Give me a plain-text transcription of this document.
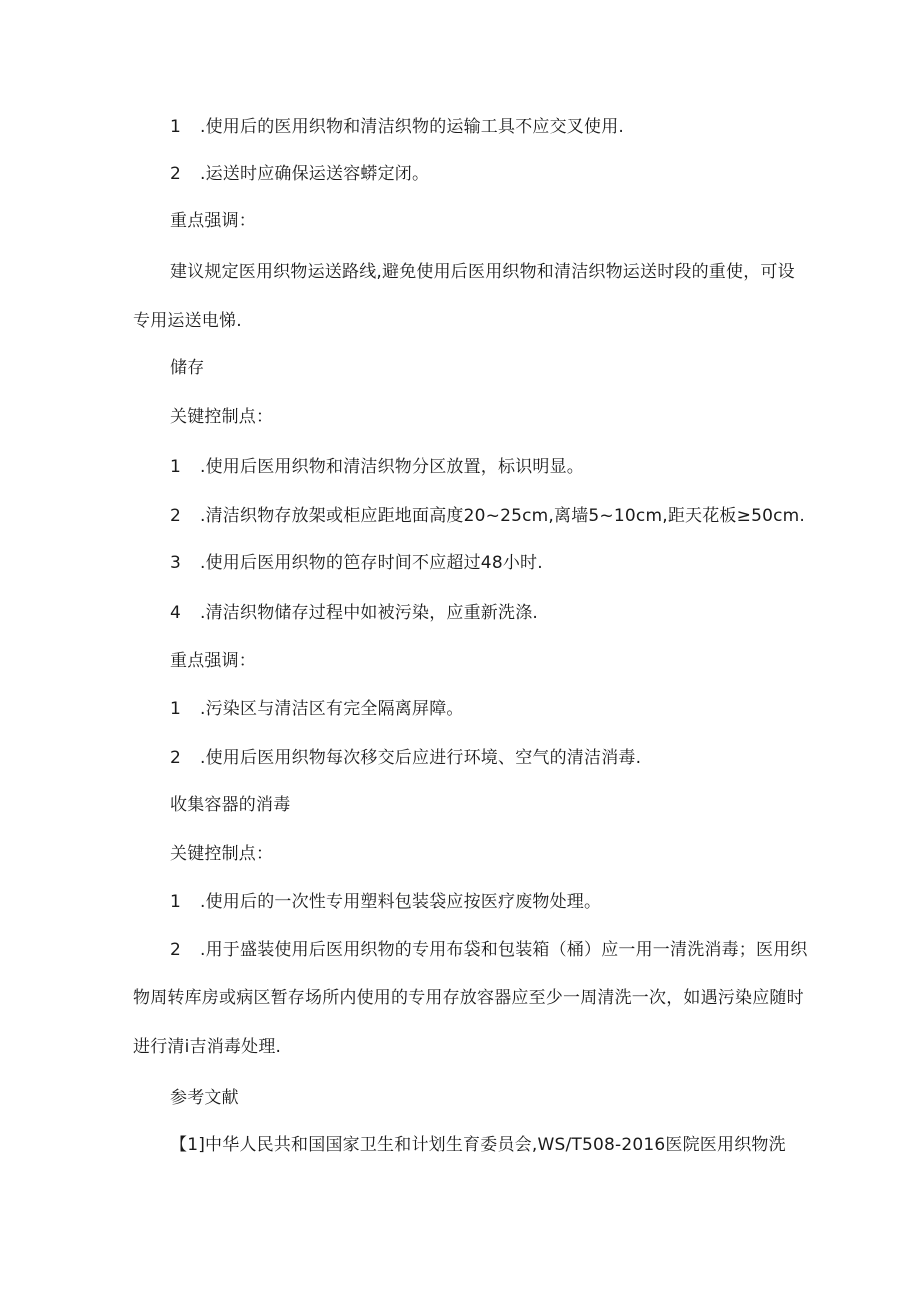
1 .使用后的医用织物和清洁织物的运输工具不应交叉使用.
2 .运送时应确保运送容蟒定闭。
重点强调：
建议规定医用织物运送路线,避免使用后医用织物和清洁织物运送时段的重使，可设
专用运送电悌.
储存
关键控制点：
1 .使用后医用织物和清洁织物分区放置，标识明显。
2 .清洁织物存放架或柜应距地面高度20~25cm,离墙5~10cm,距天花板≥50cm.
3 .使用后医用织物的笆存时间不应超过48小时.
4 .清洁织物储存过程中如被污染，应重新洗涤.
重点强调：
1 .污染区与清洁区有完全隔离屏障。
2 .使用后医用织物每次移交后应进行环境、空气的清洁消毒.
收集容器的消毒
关键控制点：
1 .使用后的一次性专用塑料包装袋应按医疗废物处理。
2 .用于盛装使用后医用织物的专用布袋和包装箱（桶）应一用一清洗消毒；医用织
物周转库房或病区暂存场所内使用的专用存放容器应至少一周清洗一次，如遇污染应随时
进行清i吉消毒处理.
参考文献
【1]中华人民共和国国家卫生和计划生育委员会,WS/T508-2016医院医用织物洗
